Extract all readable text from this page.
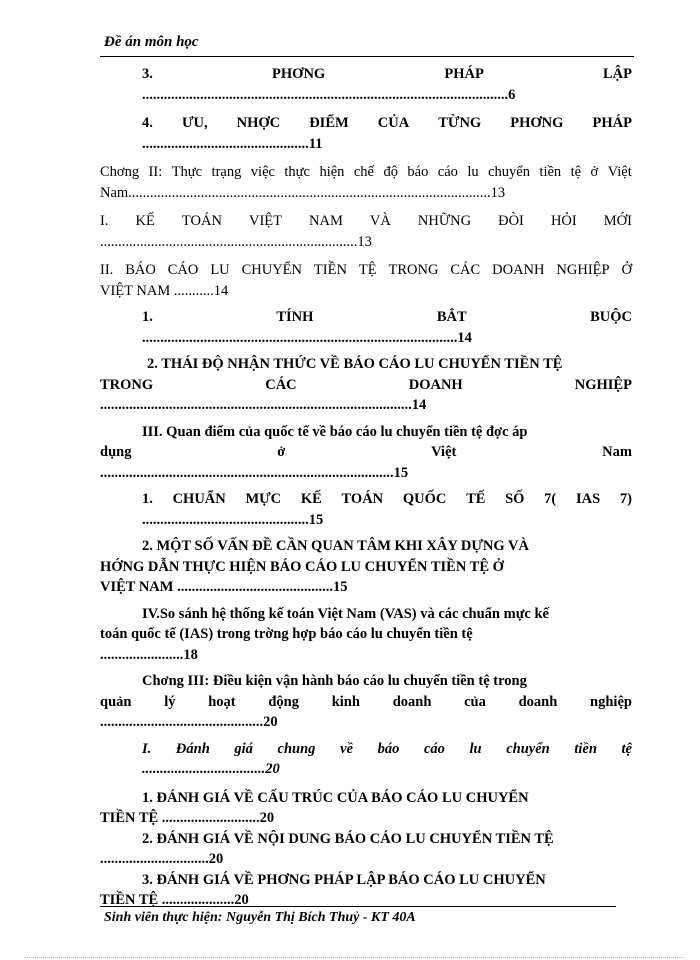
Đề án môn học
3.	PHƠNG	PHÁP	LẬP
.....................................................................................................6
4. ƯU, NHỢC ĐIỂM CỦA TỪNG PHƠNG PHÁP
..............................................11
Chơng II: Thực trạng việc thực hiện chế độ báo cáo lu chuyển tiền tệ ở Việt
Nam....................................................................................................13
I. KẾ TOÁN VIỆT NAM VÀ NHỮNG ĐÒI HỎI MỚI
.......................................................................13
II. BÁO CÁO LU CHUYỂN TIỀN TỆ TRONG CÁC DOANH NGHIỆP Ở
VIỆT NAM ...........14
1.	TÍNH	BẮT	BUỘC
.......................................................................................14
2. THÁI ĐỘ NHẬN THỨC VỀ BÁO CÁO LU CHUYỂN TIỀN TỆ
TRONG	CÁC	DOANH	NGHIỆP
......................................................................................14
III. Quan điểm của quốc tế về báo cáo lu chuyển tiền tệ đợc áp
dụng	ở	Việt	Nam
.................................................................................15
1. CHUẨN MỰC KẾ TOÁN QUỐC TẾ SỐ 7( IAS 7)
..............................................15
2. MỘT SỐ VẤN ĐỀ CẦN QUAN TÂM KHI XÂY DỰNG VÀ
HỚNG DẪN THỰC HIỆN BÁO CÁO LU CHUYỂN TIỀN TỆ Ở
VIỆT NAM ...........................................15
IV.So sánh hệ thống kế toán Việt Nam (VAS) và các chuẩn mực kế
toán quốc tế (IAS) trong trờng hợp báo cáo lu chuyển tiền tệ
.......................18
Chơng III: Điều kiện vận hành báo cáo lu chuyển tiền tệ trong
quản lý hoạt động kinh doanh của doanh nghiệp
.............................................20
I. Đánh giá chung về báo cáo lu chuyển tiền tệ
..................................20
1. ĐÁNH GIÁ VỀ CẤU TRÚC CỦA BÁO CÁO LU CHUYỂN
TIỀN TỆ ...........................20
2. ĐÁNH GIÁ VỀ NỘI DUNG BÁO CÁO LU CHUYỂN TIỀN TỆ
..............................20
3. ĐÁNH GIÁ VỀ PHƠNG PHÁP LẬP BÁO CÁO LU CHUYỂN
TIỀN TỆ ....................20
Sinh viên thực hiện: Nguyễn Thị Bích Thuỷ - KT 40A
